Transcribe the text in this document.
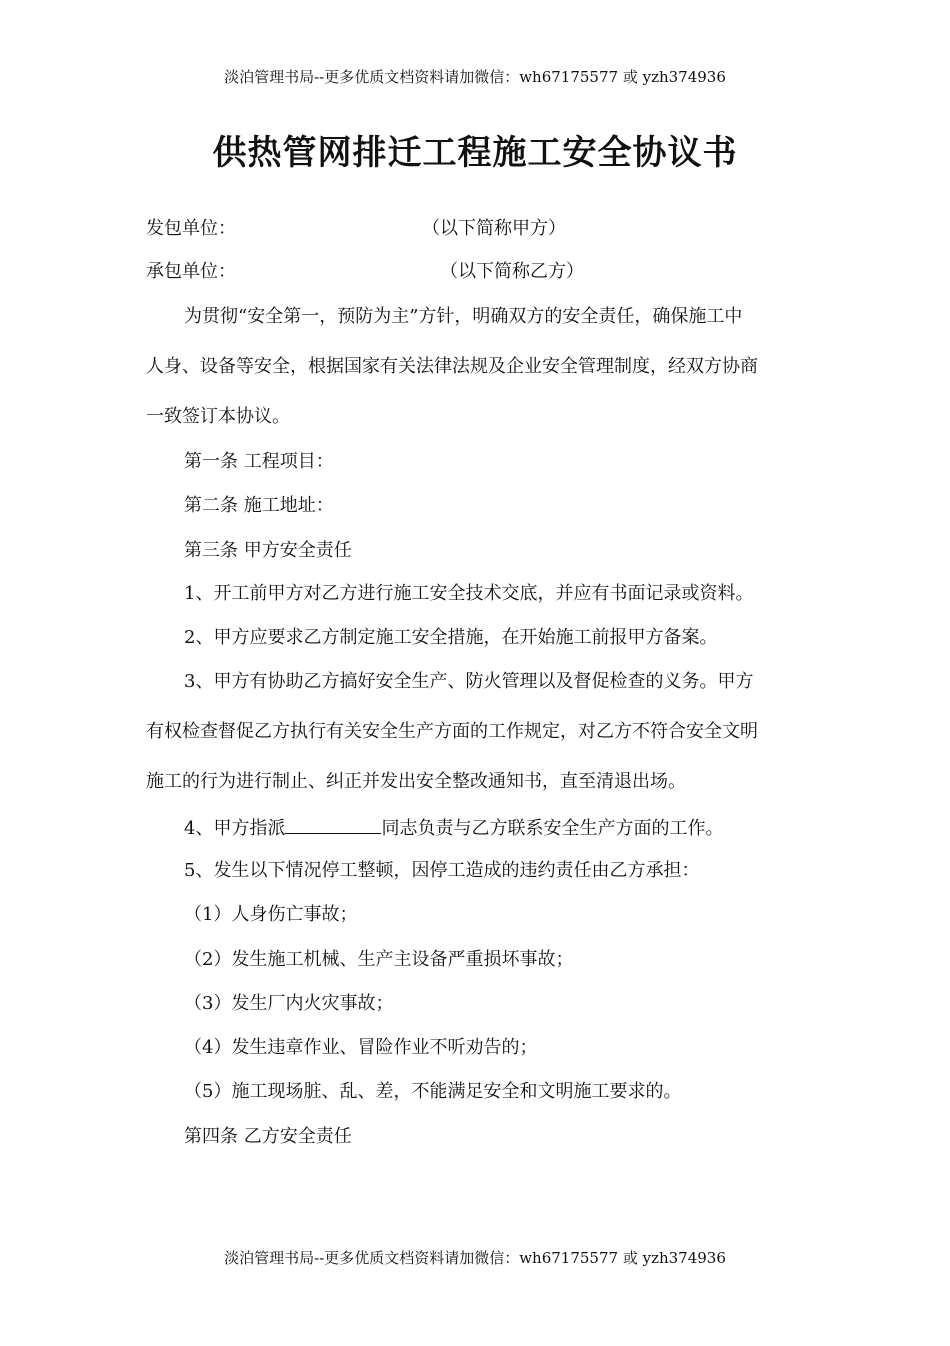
淡泊管理书局--更多优质文档资料请加微信：wh67175577 或 yzh374936
供热管网排迁工程施工安全协议书
发包单位：	（以下简称甲方）
承包单位：	（以下简称乙方）
为贯彻“安全第一，预防为主”方针，明确双方的安全责任，确保施工中
人身、设备等安全，根据国家有关法律法规及企业安全管理制度，经双方协商
一致签订本协议。
第一条 工程项目：
第二条 施工地址：
第三条 甲方安全责任
1、开工前甲方对乙方进行施工安全技术交底，并应有书面记录或资料。
2、甲方应要求乙方制定施工安全措施，在开始施工前报甲方备案。
3、甲方有协助乙方搞好安全生产、防火管理以及督促检查的义务。甲方
有权检查督促乙方执行有关安全生产方面的工作规定，对乙方不符合安全文明
施工的行为进行制止、纠正并发出安全整改通知书，直至清退出场。
4、甲方指派	同志负责与乙方联系安全生产方面的工作。
5、发生以下情况停工整顿，因停工造成的违约责任由乙方承担：
（1）人身伤亡事故；
（2）发生施工机械、生产主设备严重损坏事故；
（3）发生厂内火灾事故；
（4）发生违章作业、冒险作业不听劝告的；
（5）施工现场脏、乱、差，不能满足安全和文明施工要求的。
第四条 乙方安全责任
淡泊管理书局--更多优质文档资料请加微信：wh67175577 或 yzh374936
